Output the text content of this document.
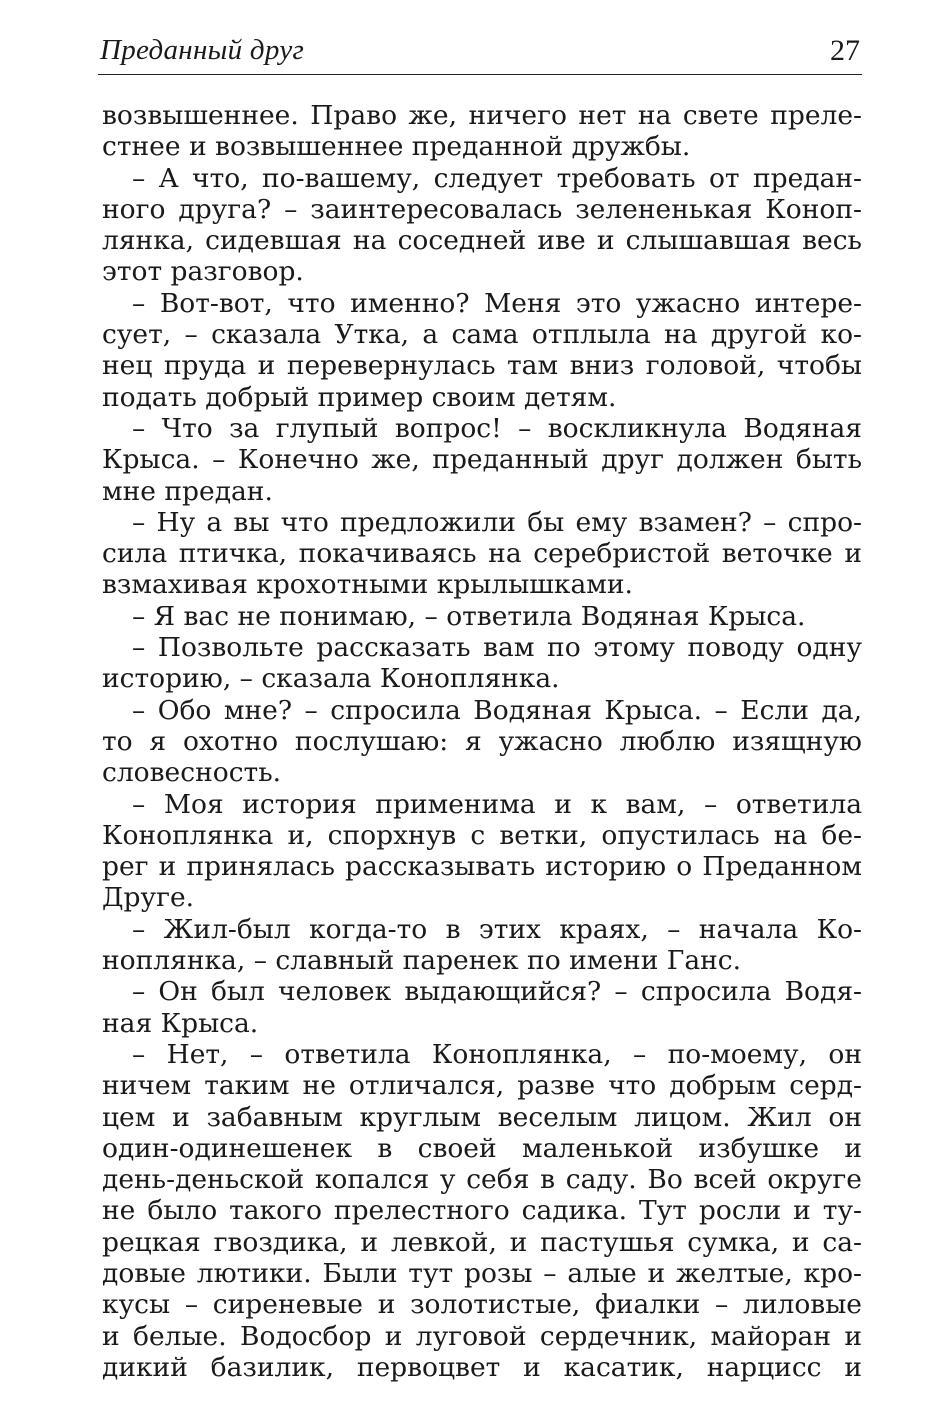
Преданный друг	27
возвышеннее. Право же, ничего нет на свете преле-
стнее и возвышеннее преданной дружбы.
– А что, по-вашему, следует требовать от предан-
ного друга? – заинтересовалась зелененькая Коноп-
лянка, сидевшая на соседней иве и слышавшая весь
этот разговор.
– Вот-вот, что именно? Меня это ужасно интере-
сует, – сказала Утка, а сама отплыла на другой ко-
нец пруда и перевернулась там вниз головой, чтобы
подать добрый пример своим детям.
– Что за глупый вопрос! – воскликнула Водяная
Крыса. – Конечно же, преданный друг должен быть
мне предан.
– Ну а вы что предложили бы ему взамен? – спро-
сила птичка, покачиваясь на серебристой веточке и
взмахивая крохотными крылышками.
– Я вас не понимаю, – ответила Водяная Крыса.
– Позвольте рассказать вам по этому поводу одну
историю, – сказала Коноплянка.
– Обо мне? – спросила Водяная Крыса. – Если да,
то я охотно послушаю: я ужасно люблю изящную
словесность.
– Моя история применима и к вам, – ответила
Коноплянка и, спорхнув с ветки, опустилась на бе-
рег и принялась рассказывать историю о Преданном
Друге.
– Жил-был когда-то в этих краях, – начала Ко-
ноплянка, – славный паренек по имени Ганс.
– Он был человек выдающийся? – спросила Водя-
ная Крыса.
– Нет, – ответила Коноплянка, – по-моему, он
ничем таким не отличался, разве что добрым серд-
цем и забавным круглым веселым лицом. Жил он
один-одинешенек в своей маленькой избушке и
день-деньской копался у себя в саду. Во всей округе
не было такого прелестного садика. Тут росли и ту-
рецкая гвоздика, и левкой, и пастушья сумка, и са-
довые лютики. Были тут розы – алые и желтые, кро-
кусы – сиреневые и золотистые, фиалки – лиловые
и белые. Водосбор и луговой сердечник, майоран и
дикий базилик, первоцвет и касатик, нарцисс и
